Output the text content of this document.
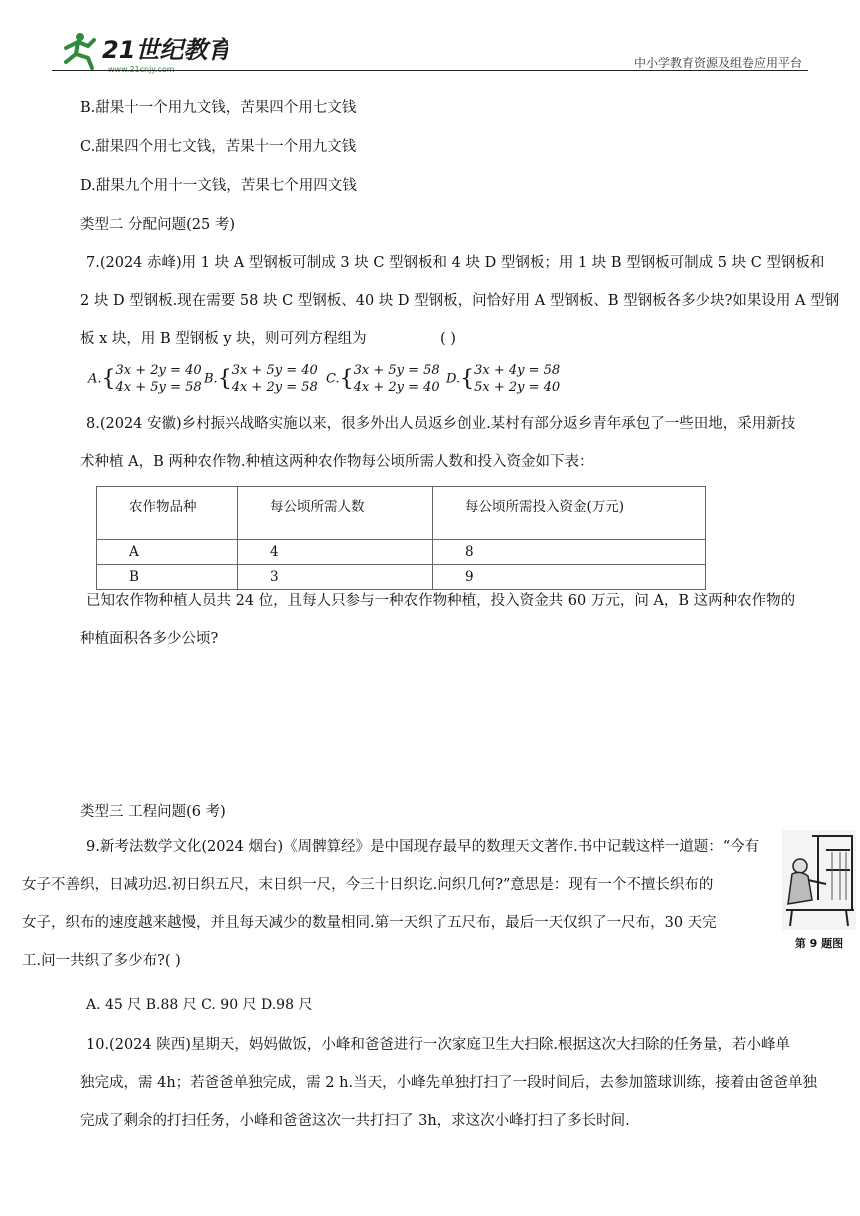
21世纪教育
www.21cnjy.com	中小学教育资源及组卷应用平台
B.甜果十一个用九文钱，苦果四个用七文钱
C.甜果四个用七文钱，苦果十一个用九文钱
D.甜果九个用十一文钱，苦果七个用四文钱
类型二 分配问题(25 考)
7.(2024 赤峰)用 1 块 A 型钢板可制成 3 块 C 型钢板和 4 块 D 型钢板；用 1 块 B 型钢板可制成 5 块 C 型钢板和
2 块 D 型钢板.现在需要 58 块 C 型钢板、40 块 D 型钢板，问恰好用 A 型钢板、B 型钢板各多少块?如果设用 A 型钢
板 x 块，用 B 型钢板 y 块，则可列方程组为	( )
A.{3x + 2y = 40
4x + 5y = 58
B.{3x + 5y = 40
4x + 2y = 58
C.{3x + 5y = 58
4x + 2y = 40
D.{3x + 4y = 58
5x + 2y = 40
8.(2024 安徽)乡村振兴战略实施以来，很多外出人员返乡创业.某村有部分返乡青年承包了一些田地，采用新技
术种植 A，B 两种农作物.种植这两种农作物每公顷所需人数和投入资金如下表：
农作物品种	每公顷所需人数	每公顷所需投入资金(万元)
A	4	8
B	3	9
已知农作物种植人员共 24 位，且每人只参与一种农作物种植，投入资金共 60 万元，问 A，B 这两种农作物的
种植面积各多少公顷?
类型三 工程问题(6 考)
9.新考法数学文化(2024 烟台)《周髀算经》是中国现存最早的数理天文著作.书中记载这样一道题：“今有
女子不善织，日减功迟.初日织五尺，末日织一尺，今三十日织讫.问织几何?”意思是：现有一个不擅长织布的
女子，织布的速度越来越慢，并且每天减少的数量相同.第一天织了五尺布，最后一天仅织了一尺布，30 天完
工.问一共织了多少布?( )
第 9 题图
A. 45 尺 B.88 尺 C. 90 尺 D.98 尺
10.(2024 陕西)星期天，妈妈做饭，小峰和爸爸进行一次家庭卫生大扫除.根据这次大扫除的任务量，若小峰单
独完成，需 4h；若爸爸单独完成，需 2 h.当天，小峰先单独打扫了一段时间后，去参加篮球训练，接着由爸爸单独
完成了剩余的打扫任务，小峰和爸爸这次一共打扫了 3h，求这次小峰打扫了多长时间.
